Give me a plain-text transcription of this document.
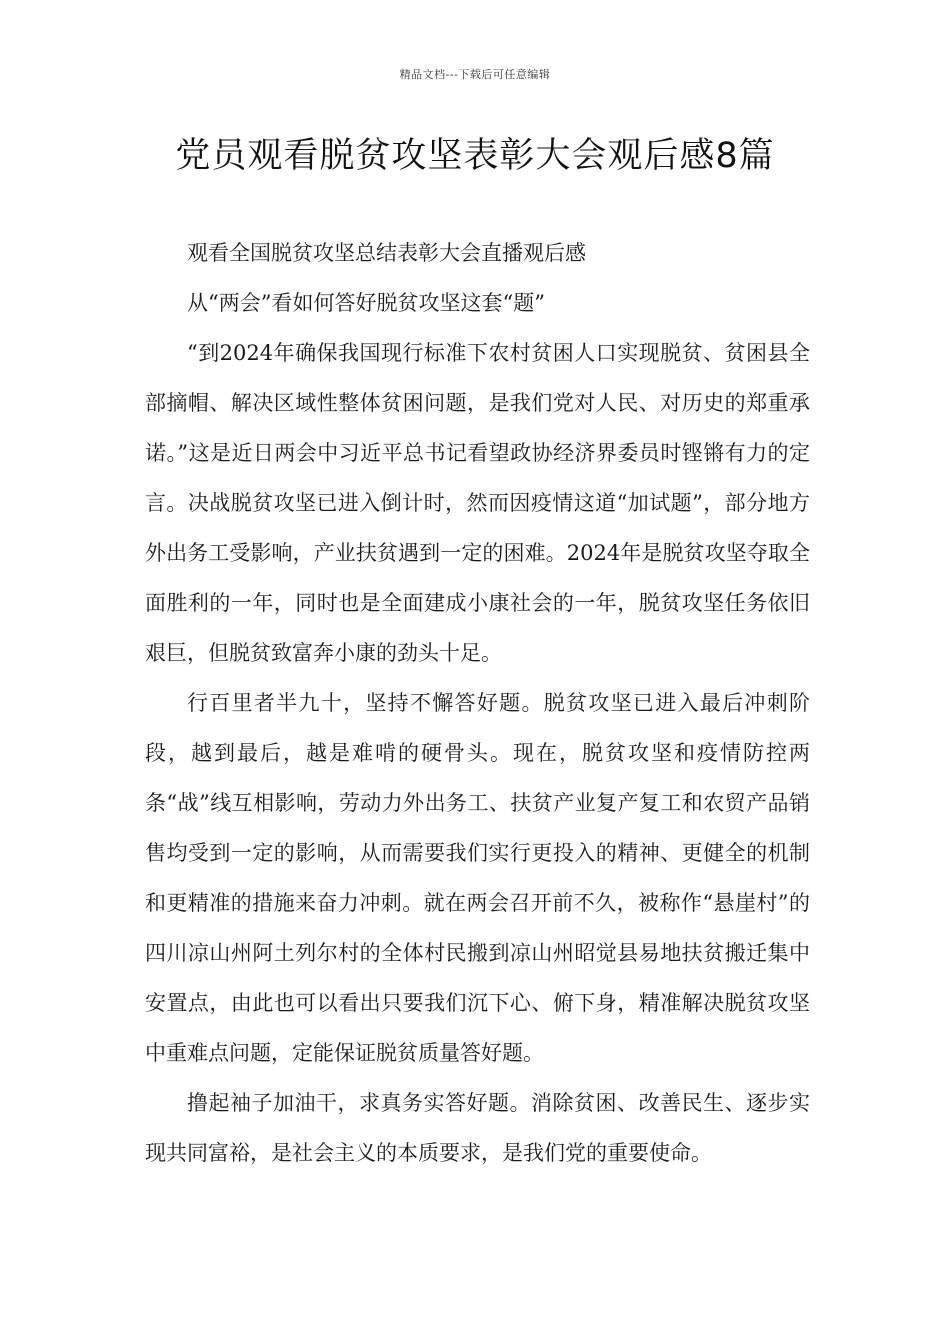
精品文档---下载后可任意编辑
党员观看脱贫攻坚表彰大会观后感8篇

观看全国脱贫攻坚总结表彰大会直播观后感

从“两会”看如何答好脱贫攻坚这套“题”

“到2024年确保我国现行标准下农村贫困人口实现脱贫、贫困县全部摘帽、解决区域性整体贫困问题，是我们党对人民、对历史的郑重承诺。”这是近日两会中习近平总书记看望政协经济界委员时铿锵有力的定言。决战脱贫攻坚已进入倒计时，然而因疫情这道“加试题”，部分地方外出务工受影响，产业扶贫遇到一定的困难。2024年是脱贫攻坚夺取全面胜利的一年，同时也是全面建成小康社会的一年，脱贫攻坚任务依旧艰巨，但脱贫致富奔小康的劲头十足。

行百里者半九十，坚持不懈答好题。脱贫攻坚已进入最后冲刺阶段，越到最后，越是难啃的硬骨头。现在，脱贫攻坚和疫情防控两条“战”线互相影响，劳动力外出务工、扶贫产业复产复工和农贸产品销售均受到一定的影响，从而需要我们实行更投入的精神、更健全的机制和更精准的措施来奋力冲刺。就在两会召开前不久，被称作“悬崖村”的四川凉山州阿土列尔村的全体村民搬到凉山州昭觉县易地扶贫搬迁集中安置点，由此也可以看出只要我们沉下心、俯下身，精准解决脱贫攻坚中重难点问题，定能保证脱贫质量答好题。

撸起袖子加油干，求真务实答好题。消除贫困、改善民生、逐步实现共同富裕，是社会主义的本质要求，是我们党的重要使命。
